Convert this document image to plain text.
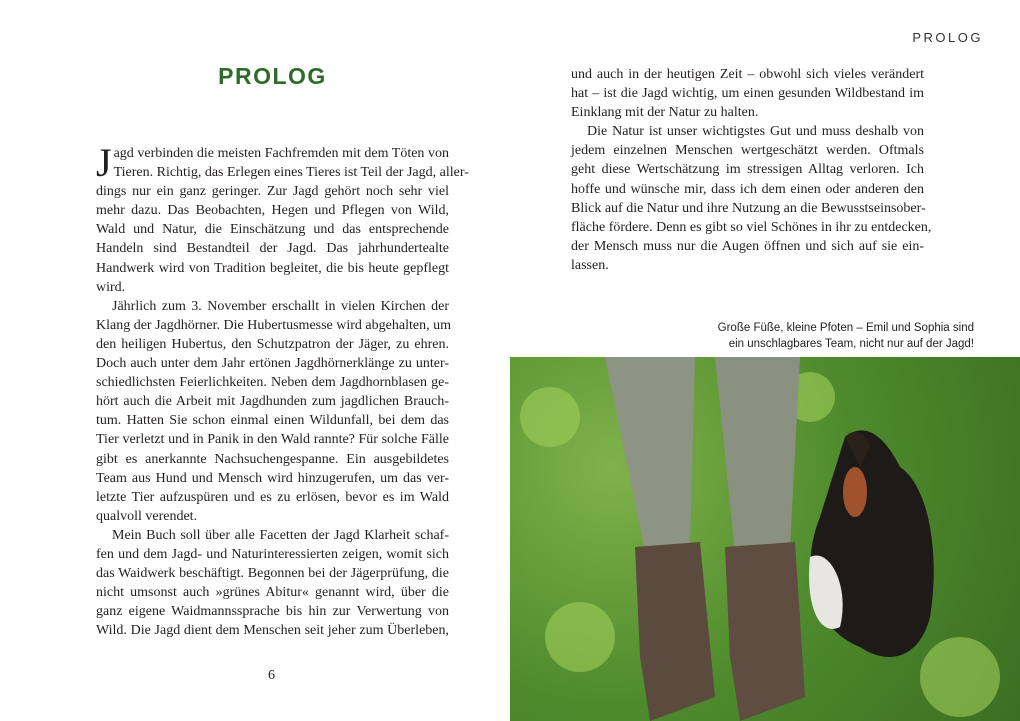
PROLOG
PROLOG
J agd verbinden die meisten Fachfremden mit dem Töten von
Tieren. Richtig, das Erlegen eines Tieres ist Teil der Jagd, aller-
dings nur ein ganz geringer. Zur Jagd gehört noch sehr viel
mehr dazu. Das Beobachten, Hegen und Pflegen von Wild,
Wald und Natur, die Einschätzung und das entsprechende
Handeln sind Bestandteil der Jagd. Das jahrhundertealte
Handwerk wird von Tradition begleitet, die bis heute gepflegt
wird.
Jährlich zum 3. November erschallt in vielen Kirchen der
Klang der Jagdhörner. Die Hubertusmesse wird abgehalten, um
den heiligen Hubertus, den Schutzpatron der Jäger, zu ehren.
Doch auch unter dem Jahr ertönen Jagdhörnerklänge zu unter-
schiedlichsten Feierlichkeiten. Neben dem Jagdhornblasen ge-
hört auch die Arbeit mit Jagdhunden zum jagdlichen Brauch-
tum. Hatten Sie schon einmal einen Wildunfall, bei dem das
Tier verletzt und in Panik in den Wald rannte? Für solche Fälle
gibt es anerkannte Nachsuchengespanne. Ein ausgebildetes
Team aus Hund und Mensch wird hinzugerufen, um das ver-
letzte Tier aufzuspüren und es zu erlösen, bevor es im Wald
qualvoll verendet.
Mein Buch soll über alle Facetten der Jagd Klarheit schaf-
fen und dem Jagd- und Naturinteressierten zeigen, womit sich
das Waidwerk beschäftigt. Begonnen bei der Jägerprüfung, die
nicht umsonst auch »grünes Abitur« genannt wird, über die
ganz eigene Waidmannssprache bis hin zur Verwertung von
Wild. Die Jagd dient dem Menschen seit jeher zum Überleben,
und auch in der heutigen Zeit – obwohl sich vieles verändert
hat – ist die Jagd wichtig, um einen gesunden Wildbestand im
Einklang mit der Natur zu halten.
Die Natur ist unser wichtigstes Gut und muss deshalb von
jedem einzelnen Menschen wertgeschätzt werden. Oftmals
geht diese Wertschätzung im stressigen Alltag verloren. Ich
hoffe und wünsche mir, dass ich dem einen oder anderen den
Blick auf die Natur und ihre Nutzung an die Bewusstseinsober-
fläche fördere. Denn es gibt so viel Schönes in ihr zu entdecken,
der Mensch muss nur die Augen öffnen und sich auf sie ein-
lassen.
6
Große Füße, kleine Pfoten – Emil und Sophia sind
ein unschlagbares Team, nicht nur auf der Jagd!
